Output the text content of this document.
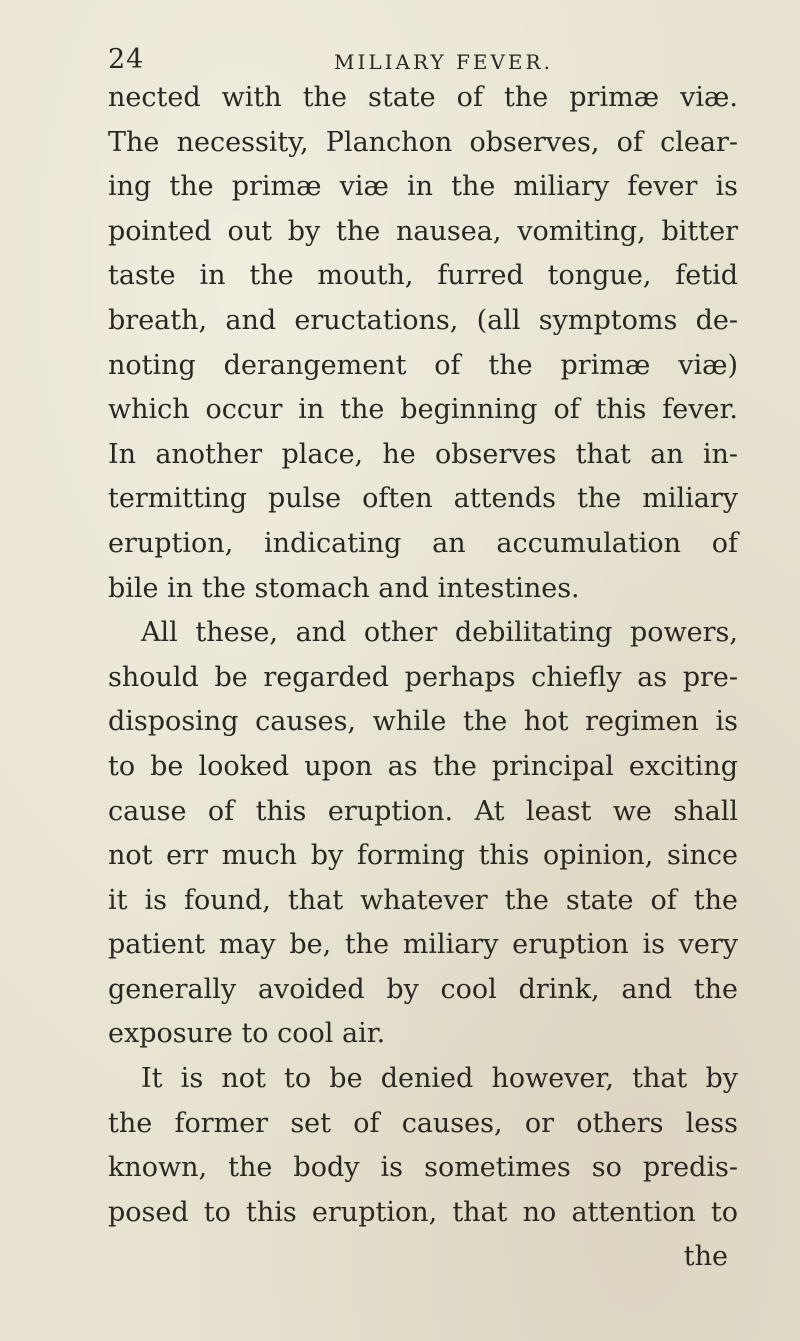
24	MILIARY FEVER.
nected with the state of the primæ viæ.
The necessity, Planchon observes, of clear-
ing the primæ viæ in the miliary fever is
pointed out by the nausea, vomiting, bitter
taste in the mouth, furred tongue, fetid
breath, and eructations, (all symptoms de-
noting derangement of the primæ viæ)
which occur in the beginning of this fever.
In another place, he observes that an in-
termitting pulse often attends the miliary
eruption, indicating an accumulation of
bile in the stomach and intestines.
All these, and other debilitating powers,
should be regarded perhaps chiefly as pre-
disposing causes, while the hot regimen is
to be looked upon as the principal exciting
cause of this eruption. At least we shall
not err much by forming this opinion, since
it is found, that whatever the state of the
patient may be, the miliary eruption is very
generally avoided by cool drink, and the
exposure to cool air.
It is not to be denied however, that by
the former set of causes, or others less
known, the body is sometimes so predis-
posed to this eruption, that no attention to
the
